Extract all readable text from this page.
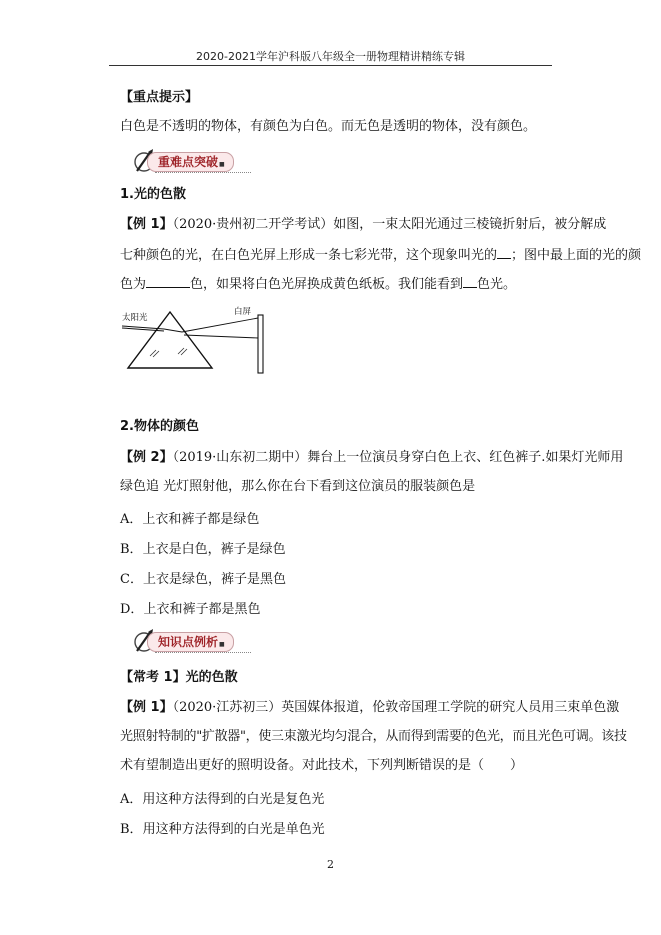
2020-2021学年沪科版八年级全一册物理精讲精练专辑
【重点提示】
白色是不透明的物体，有颜色为白色。而无色是透明的物体，没有颜色。
重难点突破■
1.光的色散
【例 1】（2020·贵州初二开学考试）如图，一束太阳光通过三棱镜折射后，被分解成
七种颜色的光，在白色光屏上形成一条七彩光带，这个现象叫光的 ；图中最上面的光的颜
色为	色，如果将白色光屏换成黄色纸板。我们能看到 色光。
太阳光
白屏
2.物体的颜色
【例 2】（2019·山东初二期中）舞台上一位演员身穿白色上衣、红色裤子.如果灯光师用
绿色追 光灯照射他，那么你在台下看到这位演员的服装颜色是
A．上衣和裤子都是绿色
B．上衣是白色，裤子是绿色
C．上衣是绿色，裤子是黑色
D．上衣和裤子都是黑色
知识点例析■
【常考 1】光的色散
【例 1】（2020·江苏初三）英国媒体报道，伦敦帝国理工学院的研究人员用三束单色激
光照射特制的"扩散器"，使三束激光均匀混合，从而得到需要的色光，而且光色可调。该技
术有望制造出更好的照明设备。对此技术，下列判断错误的是（　　）
A．用这种方法得到的白光是复色光
B．用这种方法得到的白光是单色光
2
